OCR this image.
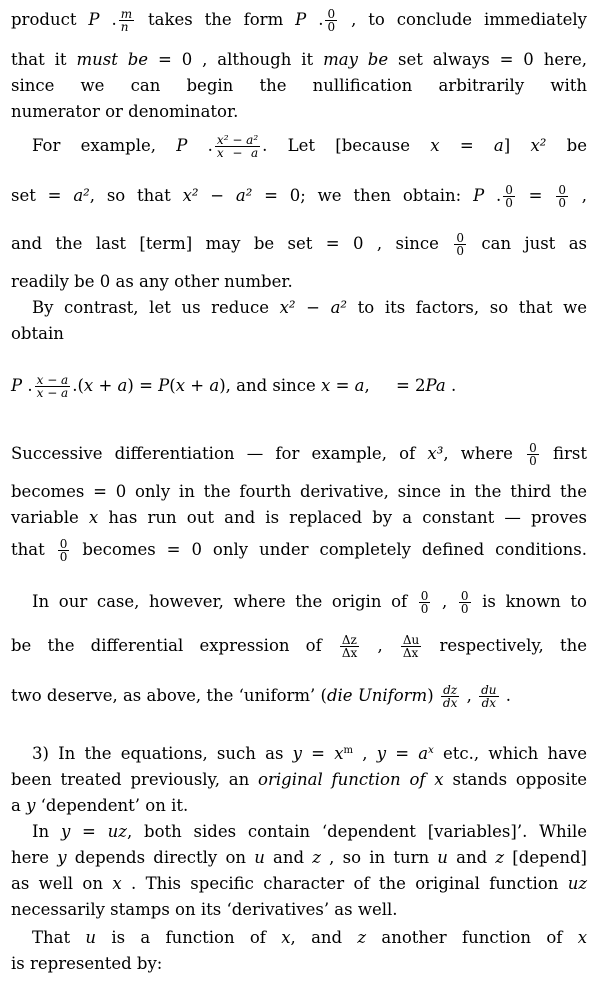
product P . $\frac{m}{n}$ takes the form P . $\frac{0}{0}$ , to conclude immediately
that it must be = 0 , although it may be set always = 0 here,
since we can begin the nullification arbitrarily with
numerator or denominator.
For example, P . $\frac{\text{x² − a²}}{x - a}$ . Let [because x = a] x² be
set = a², so that x² − a² = 0; we then obtain: P . $\frac{0}{0} = \frac{0}{0}$ ,
and the last [term] may be set = 0 , since $\frac{0}{0}$ can just as
readily be 0 as any other number.
By contrast, let us reduce x² − a² to its factors, so that we
obtain
P . $\frac{x - a}{x - a} .(x + a) = P(x + a)$, and since x = a,     = 2Pa .
Successive differentiation — for example, of x³, where $\frac{0}{0}$ first
becomes = 0 only in the fourth derivative, since in the third the
variable x has run out and is replaced by a constant — proves
that $\frac{0}{0}$ becomes = 0 only under completely defined conditions.
In our case, however, where the origin of $\frac{0}{0}$ , $\frac{0}{0}$ is known to
be the differential expression of $\frac{\Delta z}{\Delta x}$ , $\frac{\Delta u}{\Delta x}$ respectively, the
two deserve, as above, the ‘uniform’ (die Uniform) $\frac{dz}{dx}$ , $\frac{du}{dx}$ .
3) In the equations, such as $y = x^m$ , $y = a^x$ etc., which have
been treated previously, an original function of x stands opposite
a y ‘dependent’ on it.
In y = uz, both sides contain ‘dependent [variables]’. While
here y depends directly on u and z , so in turn u and z [depend]
as well on x . This specific character of the original function uz
necessarily stamps on its ‘derivatives’ as well.
That u is a function of x, and z another function of x
is represented by:
